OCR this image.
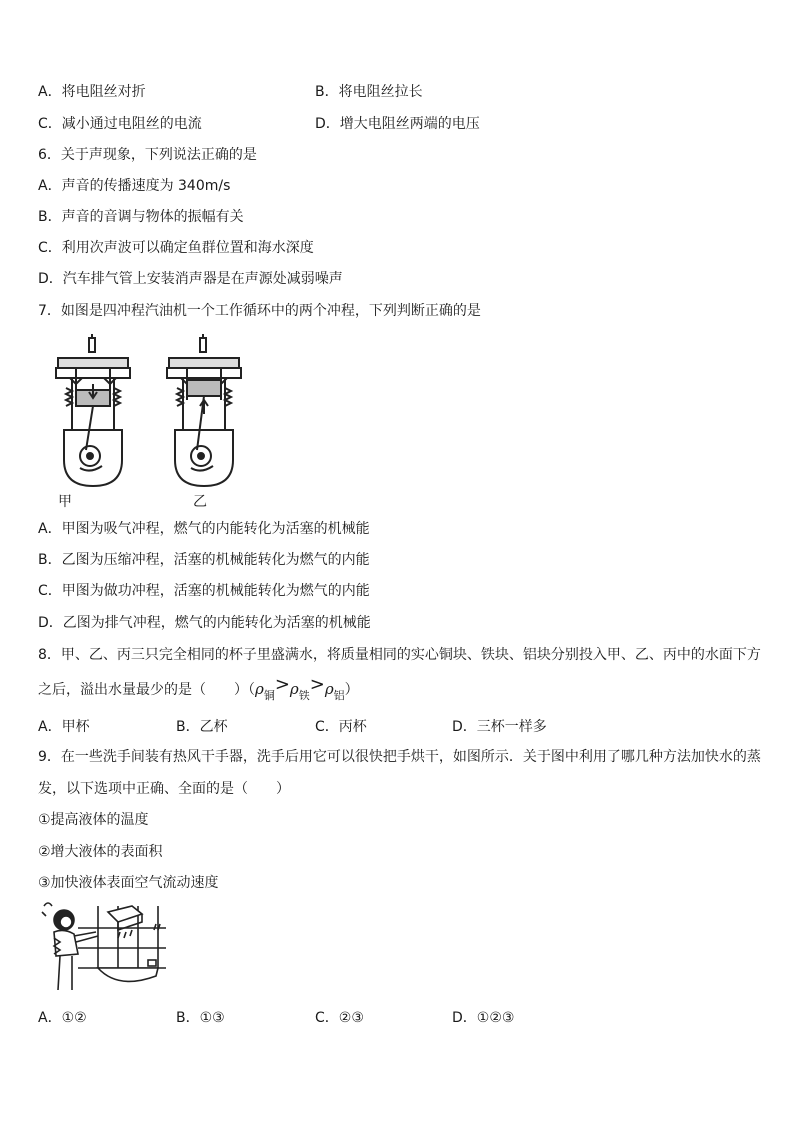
A．将电阻丝对折	B．将电阻丝拉长
C．减小通过电阻丝的电流	D．增大电阻丝两端的电压
6．关于声现象，下列说法正确的是
A．声音的传播速度为 340m/s
B．声音的音调与物体的振幅有关
C．利用次声波可以确定鱼群位置和海水深度
D．汽车排气管上安装消声器是在声源处减弱噪声
7．如图是四冲程汽油机一个工作循环中的两个冲程，下列判断正确的是
甲	乙
A．甲图为吸气冲程，燃气的内能转化为活塞的机械能
B．乙图为压缩冲程，活塞的机械能转化为燃气的内能
C．甲图为做功冲程，活塞的机械能转化为燃气的内能
D．乙图为排气冲程，燃气的内能转化为活塞的机械能
8．甲、乙、丙三只完全相同的杯子里盛满水，将质量相同的实心铜块、铁块、铝块分别投入甲、乙、丙中的水面下方
之后，溢出水量最少的是（　　）$(\rho_铜>\rho_铁>\rho_铝)$
A．甲杯	B．乙杯	C．丙杯	D．三杯一样多
9．在一些洗手间装有热风干手器，洗手后用它可以很快把手烘干，如图所示．关于图中利用了哪几种方法加快水的蒸
发，以下选项中正确、全面的是（　　）
①提高液体的温度
②增大液体的表面积
③加快液体表面空气流动速度
A．①②	B．①③	C．②③	D．①②③
